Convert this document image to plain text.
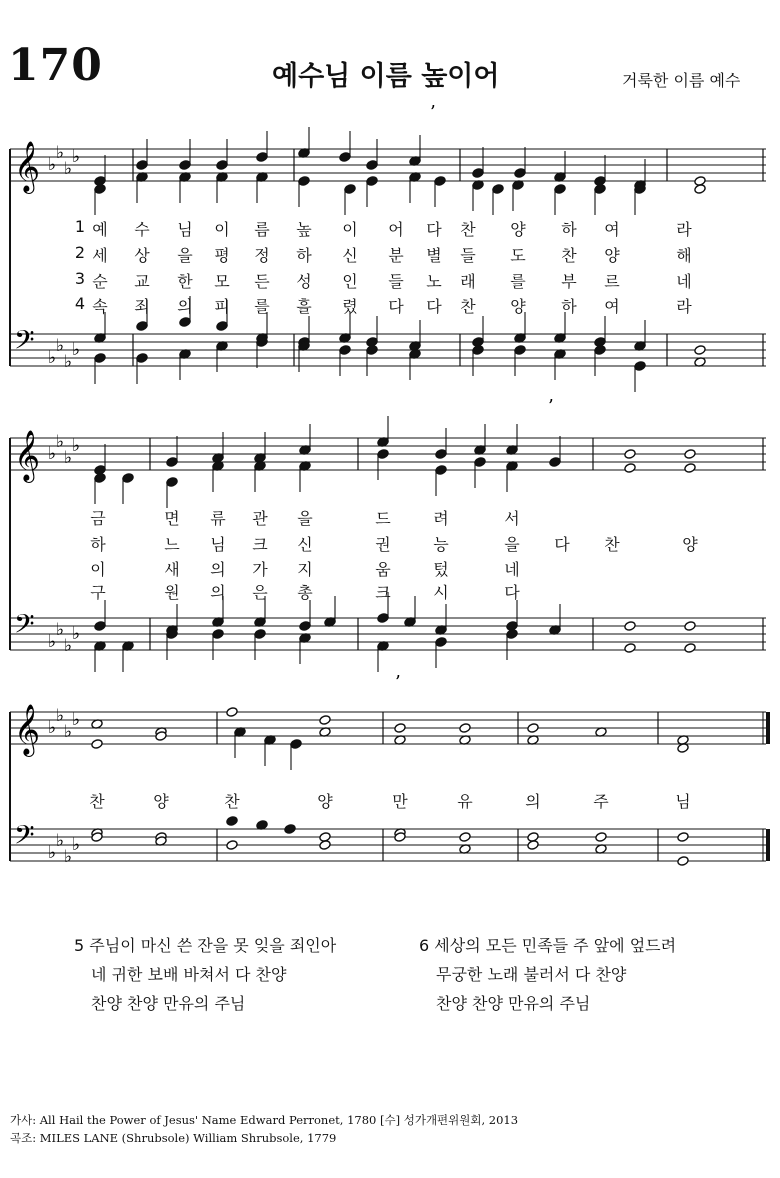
170	예수님 이름 높이어	거룩한 이름 예수
𝄞
𝄢
♭
♭
♭
♭
♭
♭
♭
♭
𝄞
𝄢
♭
♭
♭
♭
♭
♭
♭
♭
𝄞
𝄢
♭
♭
♭
♭
♭
♭
♭
♭
’
’
’
1
2
3
4
예 수 님 이 름 높 이 어 다 찬 양 하 여	라
세 상 을 평 정 하 신 분 별 들 도 찬 양	해
순 교 한 모 든 성 인 들 노 래 를 부 르	네
속 죄 의 피 를 흘 렸 다 다 찬 양 하 여	라
금	면 류 관 을	드	려	서
하	느 님 크 신	권	능	을 다 찬	양
이	새 의 가 지	움	텄	네
구	원 의 은 총	크	시	다
찬	양	찬	양	만	유	의	주	님
5 주님이 마신 쓴 잔을 못 잊을 죄인아
네 귀한 보배 바쳐서 다 찬양
찬양 찬양 만유의 주님
6 세상의 모든 민족들 주 앞에 엎드려
무궁한 노래 불러서 다 찬양
찬양 찬양 만유의 주님
가사: All Hail the Power of Jesus' Name Edward Perronet, 1780 [수] 성가개편위원회, 2013
곡조: MILES LANE (Shrubsole) William Shrubsole, 1779
